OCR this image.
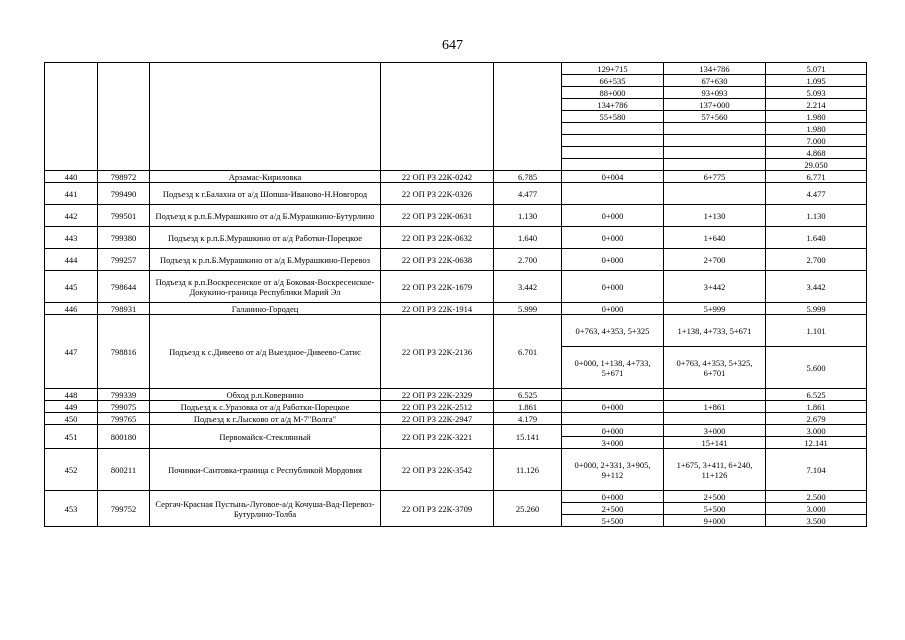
647
					129+715	134+786	5.071
					66+535	67+630	1.095
					88+000	93+093	5.093
					134+786	137+000	2.214
					55+580	57+560	1.980
							1.980
							7.000
							4.868
							29.050
440	798972	Арзамас-Кириловка	22 ОП РЗ 22К-0242	6.785	0+004	6+775	6.771
441	799490	Подъезд к г.Балахна от а/д Шопша-Иваново-Н.Новгород	22 ОП РЗ 22К-0326	4.477			4.477
442	799501	Подъезд к р.п.Б.Мурашкино от а/д Б.Мурашкино-Бутурлино	22 ОП РЗ 22К-0631	1.130	0+000	1+130	1.130
443	799380	Подъезд к р.п.Б.Мурашкино от а/д Работки-Порецкое	22 ОП РЗ 22К-0632	1.640	0+000	1+640	1.640
444	799257	Подъезд к р.п.Б.Мурашкино от а/д Б.Мурашкино-Перевоз	22 ОП РЗ 22К-0638	2.700	0+000	2+700	2.700
445	798644	Подъезд к р.п.Воскресенское от а/д Боковая-Воскресенское-Докукино-граница Республики Марий Эл	22 ОП РЗ 22К-1679	3.442	0+000	3+442	3.442
446	798931	Галанино-Городец	22 ОП РЗ 22К-1914	5.999	0+000	5+999	5.999
447	798816	Подъезд к с.Дивеево от а/д Выездное-Дивеево-Сатис	22 ОП РЗ 22К-2136	6.701	0+763, 4+353, 5+325	1+138, 4+733, 5+671	1.101
					0+000, 1+138, 4+733, 5+671	0+763, 4+353, 5+325, 6+701	5.600
448	799339	Обход р.п.Ковернино	22 ОП РЗ 22К-2329	6.525			6.525
449	799075	Подъезд к с.Уразовка от а/д Работки-Порецкое	22 ОП РЗ 22К-2512	1.861	0+000	1+861	1.861
450	799765	Подъезд к г.Лысково от а/д М-7"Волга"	22 ОП РЗ 22К-2947	4.179			2.679
451	800180	Первомайск-Стеклянный	22 ОП РЗ 22К-3221	15.141	0+000	3+000	3.000
					3+000	15+141	12.141
452	800211	Починки-Сантовка-граница с Республикой Мордовия	22 ОП РЗ 22К-3542	11.126	0+000, 2+331, 3+905, 9+112	1+675, 3+411, 6+240, 11+126	7.104
453	799752	Сергач-Красная Пустынь-Луговое-а/д Кочуша-Вад-Перевоз-Бутурлино-Толба	22 ОП РЗ 22К-3709	25.260	0+000	2+500	2.500
					2+500	5+500	3.000
					5+500	9+000	3.500
